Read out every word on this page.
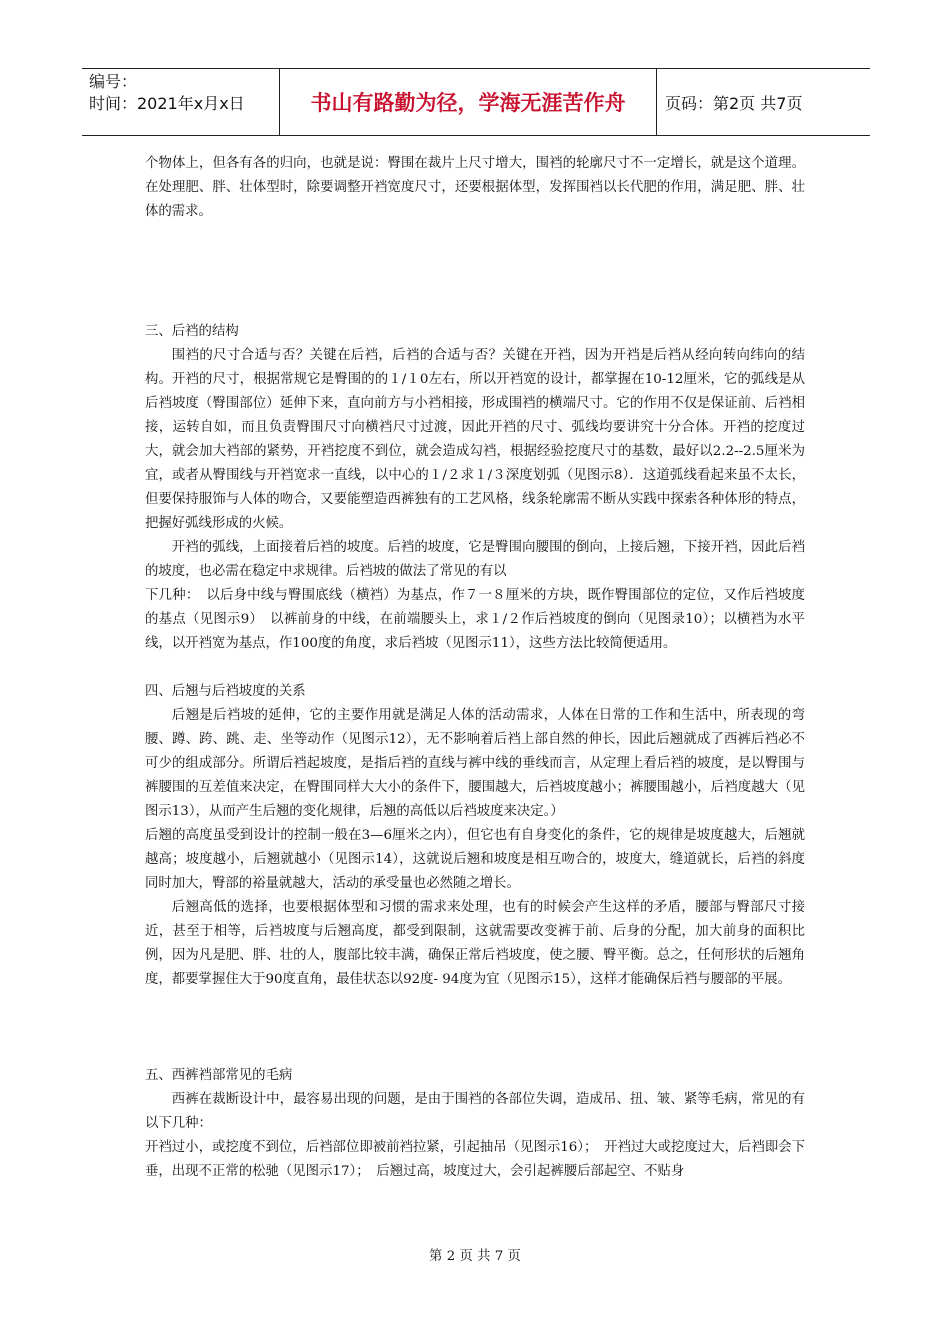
编号：
时间：2021年x月x日	书山有路勤为径，学海无涯苦作舟	页码：第2页 共7页

个物体上，但各有各的归向，也就是说：臀围在裁片上尺寸增大，围裆的轮廓尺寸不一定增长，就是这个道理。在处理肥、胖、壮体型时，除要调整开裆宽度尺寸，还要根据体型，发挥围裆以长代肥的作用，满足肥、胖、壮体的需求。

三、后裆的结构

围裆的尺寸合适与否？关键在后裆，后裆的合适与否？关键在开裆，因为开裆是后裆从经向转向纬向的结构。开裆的尺寸，根据常规它是臀围的的１/１0左右，所以开裆宽的设计，都掌握在10-12厘米，它的弧线是从后裆坡度（臀围部位）延伸下来，直向前方与小裆相接，形成围裆的横端尺寸。它的作用不仅是保证前、后裆相接，运转自如，而且负责臀围尺寸向横裆尺寸过渡，因此开裆的尺寸、弧线均要讲究十分合体。开裆的挖度过大，就会加大裆部的紧势，开裆挖度不到位，就会造成勾裆，根据经验挖度尺寸的基数，最好以2.2--2.5厘米为宜，或者从臀围线与开裆宽求一直线，以中心的１/２求１/３深度划弧（见图示8）．这道弧线看起来虽不太长，但要保持服饰与人体的吻合，又要能塑造西裤独有的工艺风格，线条轮廓需不断从实践中探索各种体形的特点，把握好弧线形成的火候。

开裆的弧线，上面接着后裆的坡度。后裆的坡度，它是臀围向腰围的倒向，上接后翘，下接开裆，因此后裆的坡度，也必需在稳定中求规律。后裆坡的做法了常见的有以

下几种：　以后身中线与臀围底线（横裆）为基点，作７一８厘米的方块，既作臀围部位的定位，又作后裆坡度的基点（见图示9）　以裤前身的中线，在前端腰头上，求１/２作后裆坡度的倒向（见图录10）；以横裆为水平线，以开裆宽为基点，作100度的角度，求后裆坡（见图示11），这些方法比较简便适用。

四、后翘与后裆坡度的关系

后翘是后裆坡的延伸，它的主要作用就是满足人体的活动需求，人体在日常的工作和生活中，所表现的弯腰、蹲、跨、跳、走、坐等动作（见图示12），无不影响着后裆上部自然的伸长，因此后翘就成了西裤后裆必不可少的组成部分。所谓后裆起坡度，是指后裆的直线与裤中线的垂线而言，从定理上看后裆的坡度，是以臀围与裤腰围的互差值来决定，在臀围同样大大小的条件下，腰围越大，后裆坡度越小；裤腰围越小，后裆度越大（见图示13），从而产生后翘的变化规律，后翘的高低以后裆坡度来决定。）

后翘的高度虽受到设计的控制一般在3—6厘米之内），但它也有自身变化的条件，它的规律是坡度越大，后翘就越高；坡度越小，后翘就越小（见图示14），这就说后翘和坡度是相互吻合的，坡度大，缝道就长，后裆的斜度同时加大，臀部的裕量就越大，活动的承受量也必然随之增长。

后翘高低的选择，也要根据体型和习惯的需求来处理，也有的时候会产生这样的矛盾，腰部与臀部尺寸接近，甚至于相等，后裆坡度与后翘高度，都受到限制，这就需要改变裤于前、后身的分配，加大前身的面积比例，因为凡是肥、胖、壮的人，腹部比较丰满，确保正常后裆坡度，使之腰、臀平衡。总之，任何形状的后翘角度，都要掌握住大于90度直角，最佳状态以92度- 94度为宜（见图示15），这样才能确保后裆与腰部的平展。

五、西裤裆部常见的毛病

西裤在裁断设计中，最容易出现的问题，是由于围裆的各部位失调，造成吊、扭、皱、紧等毛病，常见的有以下几种：

开裆过小，或挖度不到位，后裆部位即被前裆拉紧，引起抽吊（见图示16）；　开裆过大或挖度过大，后裆即会下垂，出现不正常的松驰（见图示17）；　后翘过高，坡度过大，会引起裤腰后部起空、不贴身

第 2 页 共 7 页
